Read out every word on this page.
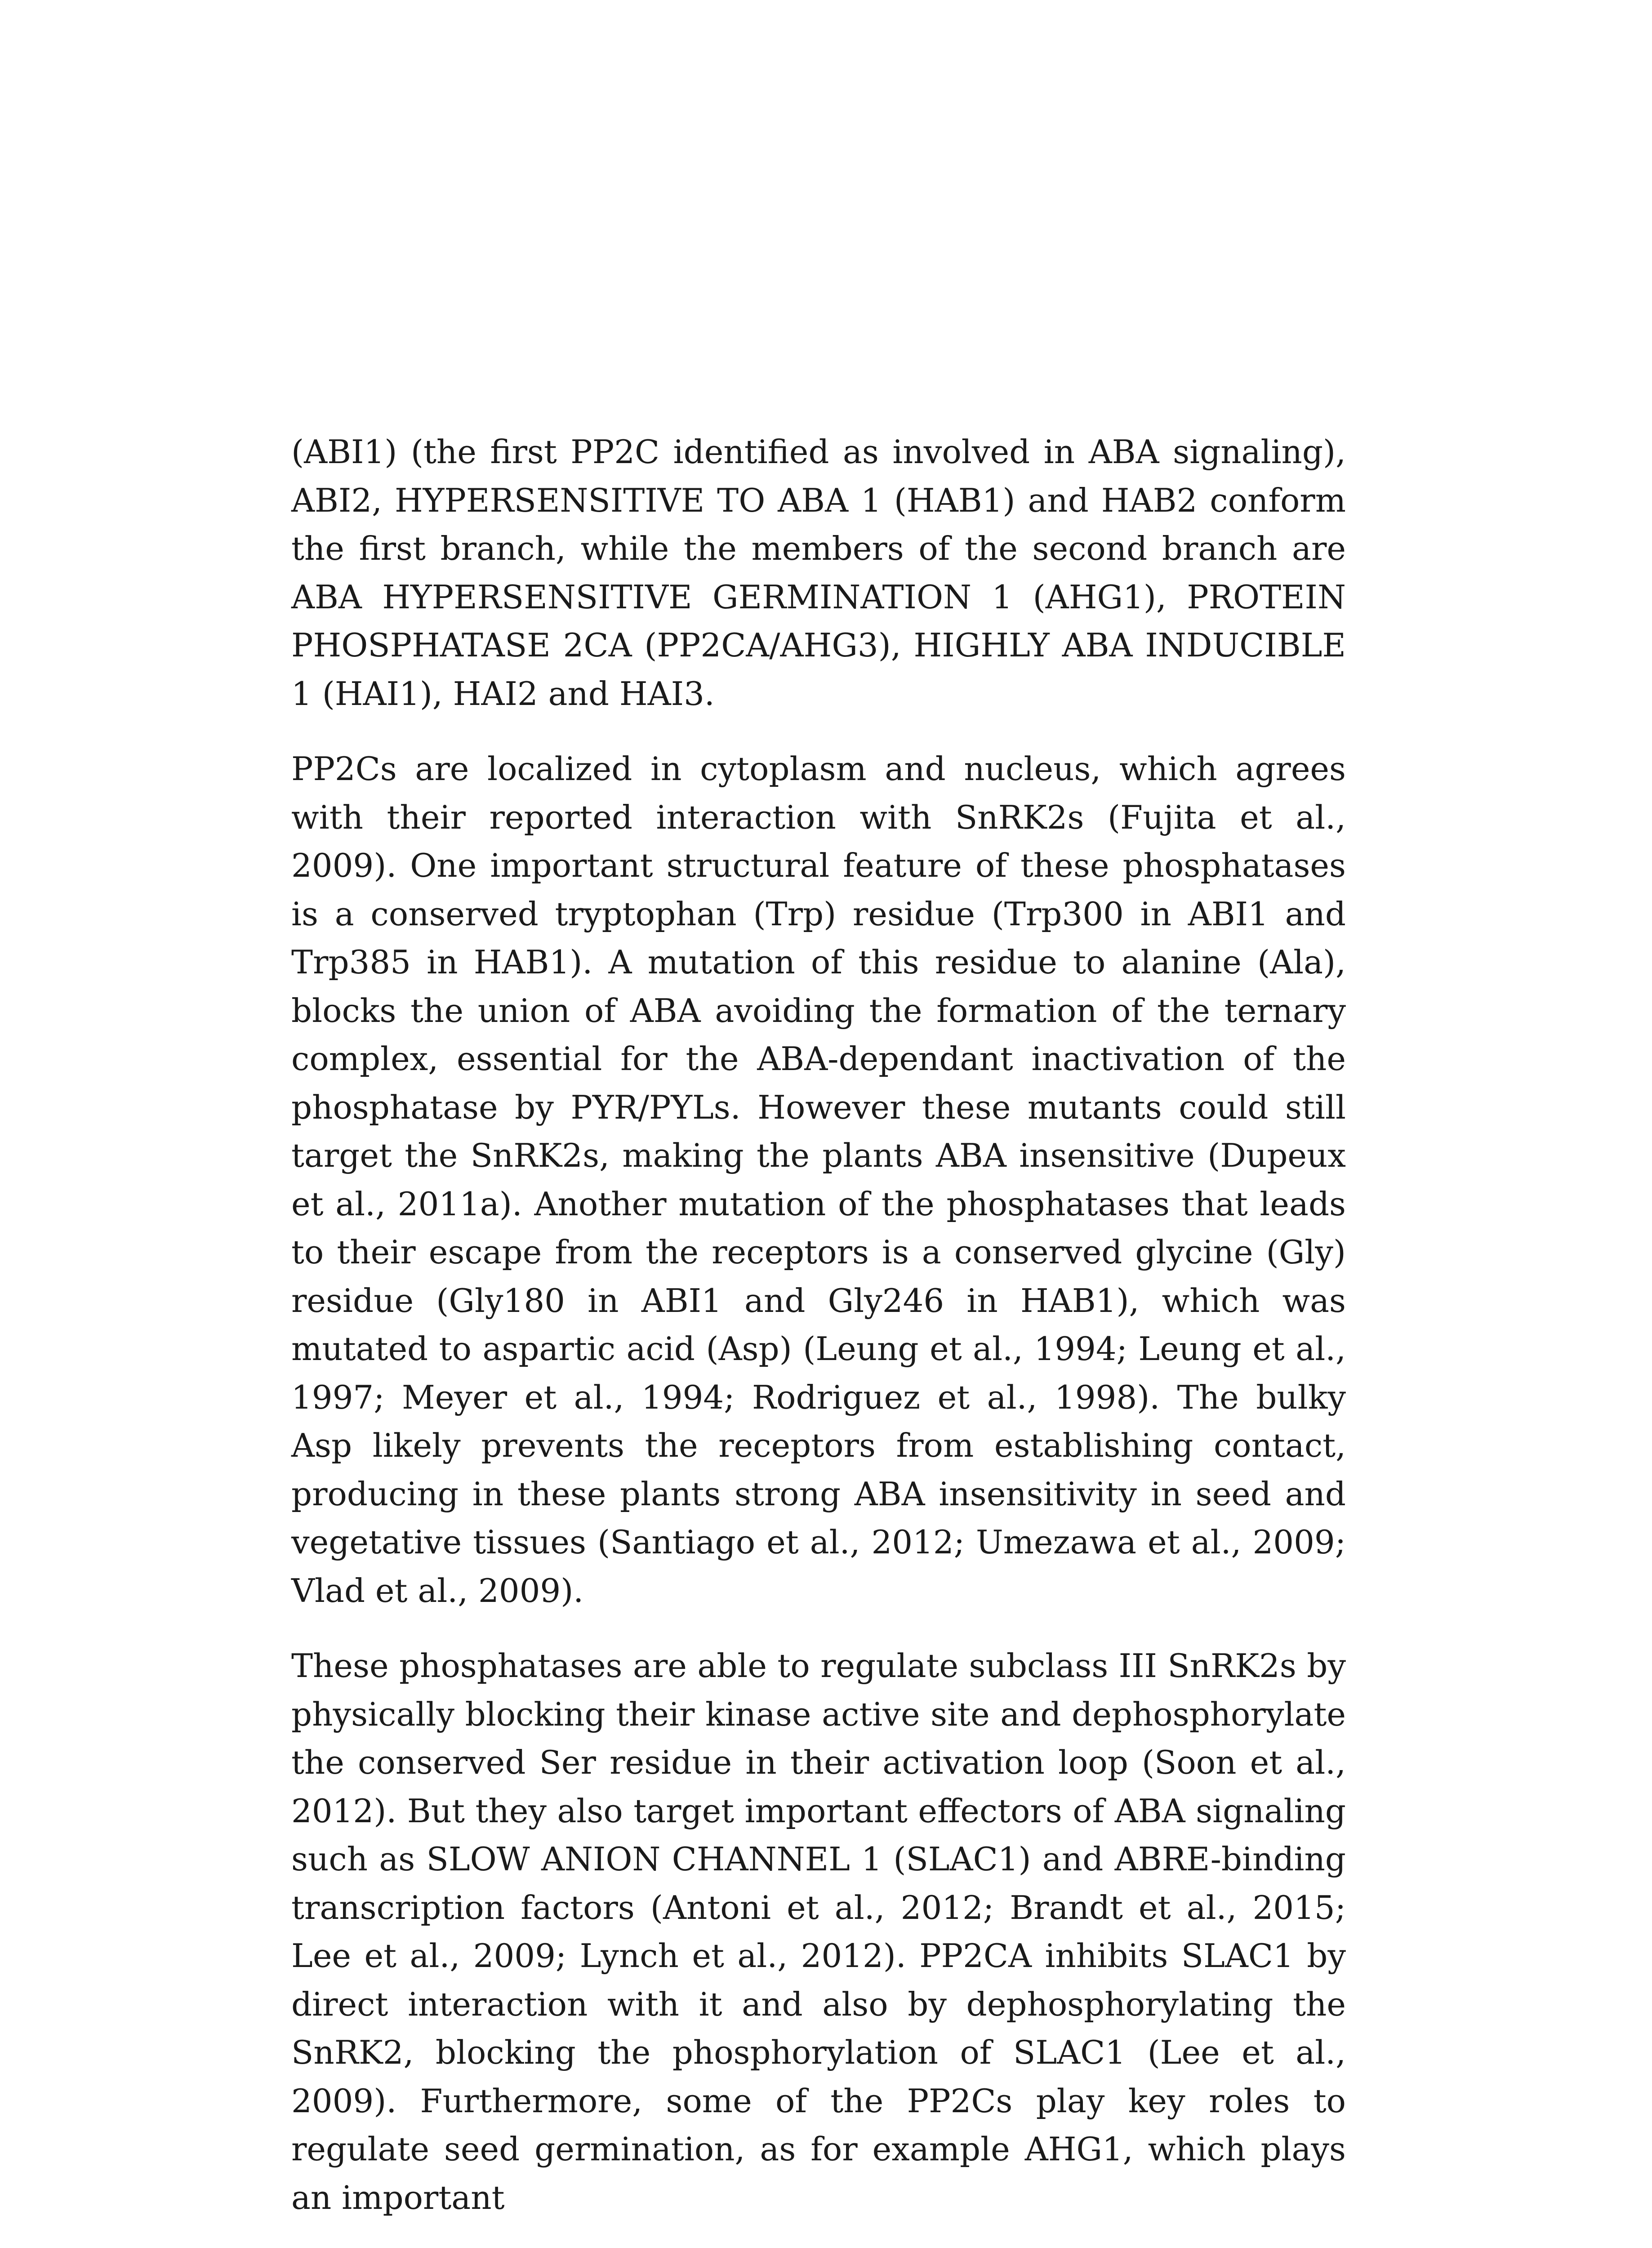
(ABI1) (the first PP2C identified as involved in ABA signaling), ABI2, HYPERSENSITIVE TO ABA 1 (HAB1) and HAB2 conform the first branch, while the members of the second branch are ABA HYPERSENSITIVE GERMINATION 1 (AHG1), PROTEIN PHOSPHATASE 2CA (PP2CA/AHG3), HIGHLY ABA INDUCIBLE 1 (HAI1), HAI2 and HAI3.

PP2Cs are localized in cytoplasm and nucleus, which agrees with their reported interaction with SnRK2s (Fujita et al., 2009). One important structural feature of these phosphatases is a conserved tryptophan (Trp) residue (Trp300 in ABI1 and Trp385 in HAB1). A mutation of this residue to alanine (Ala), blocks the union of ABA avoiding the formation of the ternary complex, essential for the ABA-dependant inactivation of the phosphatase by PYR/PYLs. However these mutants could still target the SnRK2s, making the plants ABA insensitive (Dupeux et al., 2011a). Another mutation of the phosphatases that leads to their escape from the receptors is a conserved glycine (Gly) residue (Gly180 in ABI1 and Gly246 in HAB1), which was mutated to aspartic acid (Asp) (Leung et al., 1994; Leung et al., 1997; Meyer et al., 1994; Rodriguez et al., 1998). The bulky Asp likely prevents the receptors from establishing contact, producing in these plants strong ABA insensitivity in seed and vegetative tissues (Santiago et al., 2012; Umezawa et al., 2009; Vlad et al., 2009).

These phosphatases are able to regulate subclass III SnRK2s by physically blocking their kinase active site and dephosphorylate the conserved Ser residue in their activation loop (Soon et al., 2012). But they also target important effectors of ABA signaling such as SLOW ANION CHANNEL 1 (SLAC1) and ABRE-binding transcription factors (Antoni et al., 2012; Brandt et al., 2015; Lee et al., 2009; Lynch et al., 2012). PP2CA inhibits SLAC1 by direct interaction with it and also by dephosphorylating the SnRK2, blocking the phosphorylation of SLAC1 (Lee et al., 2009). Furthermore, some of the PP2Cs play key roles to regulate seed germination, as for example AHG1, which plays an important
